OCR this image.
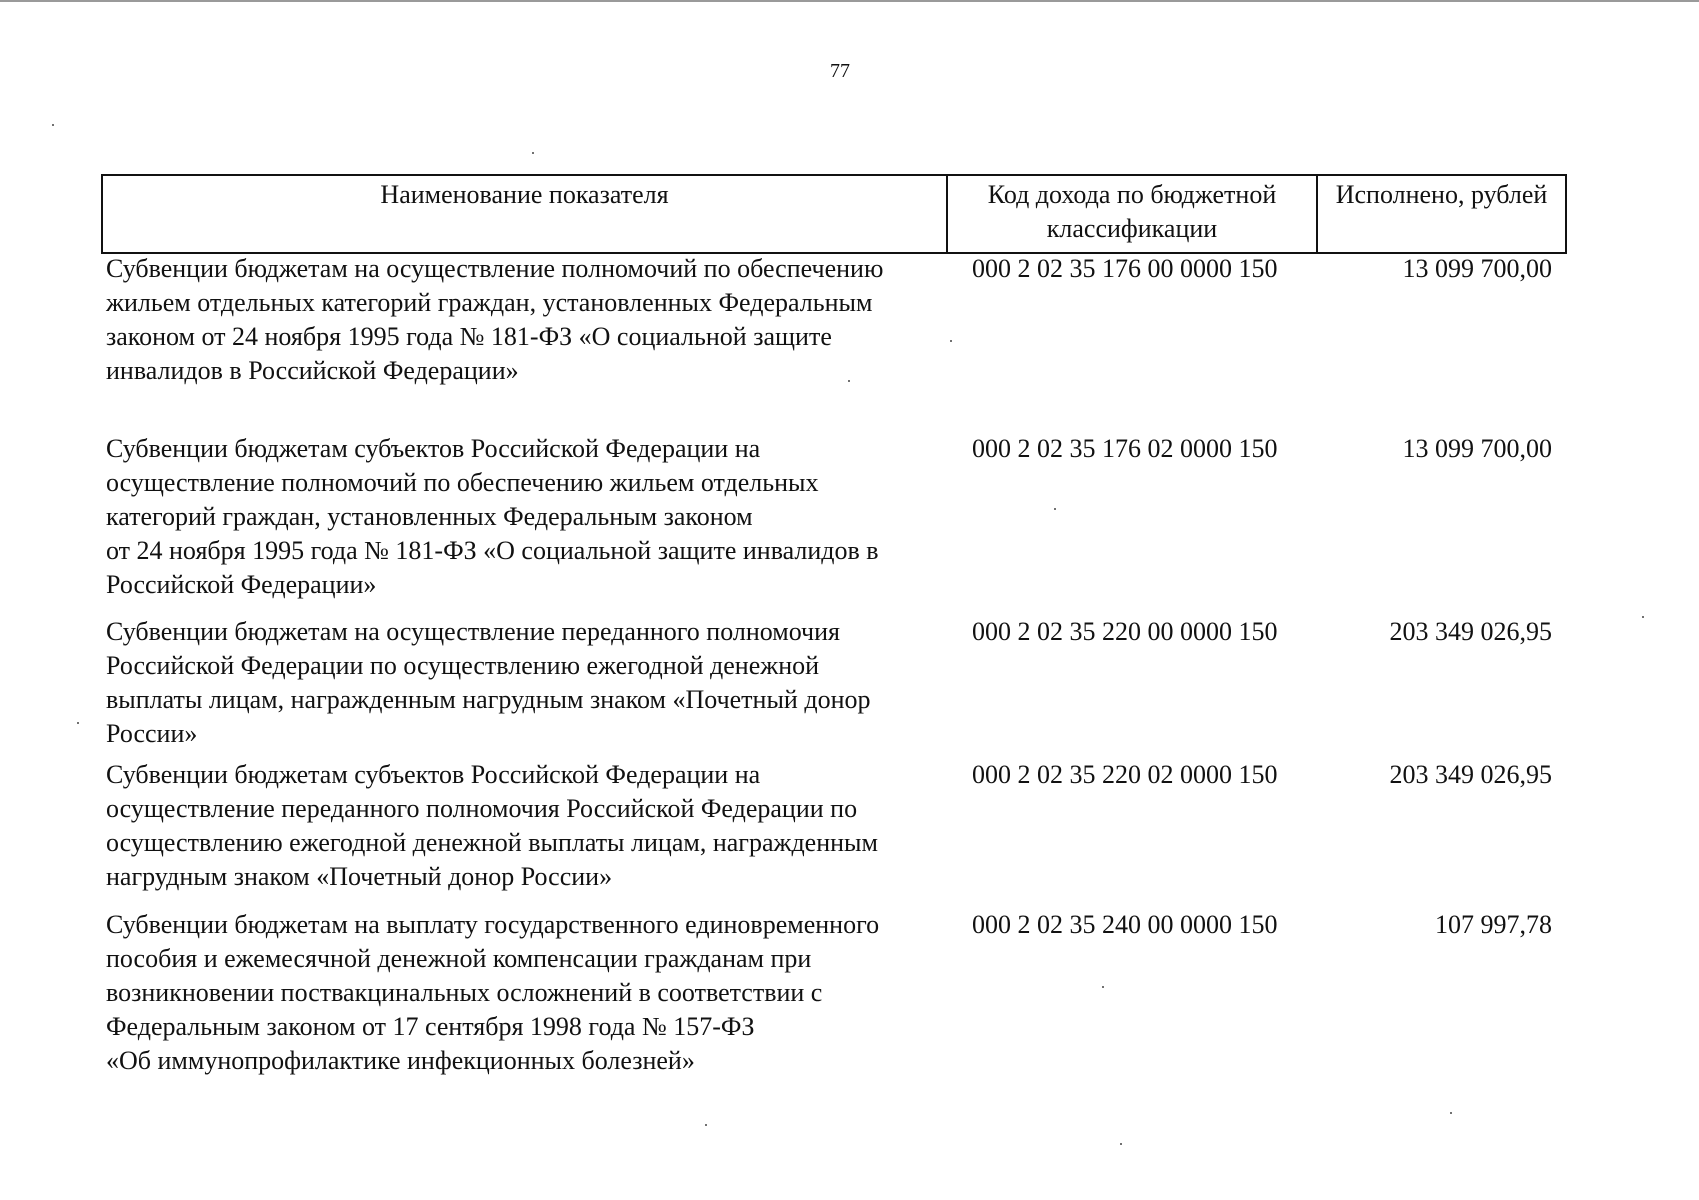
77
Наименование показателя	Код дохода по бюджетной классификации
Исполнено, рублей
Субвенции бюджетам на осуществление полномочий по обеспечению
жильем отдельных категорий граждан, установленных Федеральным
законом от 24 ноября 1995 года № 181-ФЗ «О социальной защите
инвалидов в Российской Федерации»
000 2 02 35 176 00 0000 150	13 099 700,00
Субвенции бюджетам субъектов Российской Федерации на
осуществление полномочий по обеспечению жильем отдельных
категорий граждан, установленных Федеральным законом
от 24 ноября 1995 года № 181-ФЗ «О социальной защите инвалидов в
Российской Федерации»
000 2 02 35 176 02 0000 150	13 099 700,00
Субвенции бюджетам на осуществление переданного полномочия
Российской Федерации по осуществлению ежегодной денежной
выплаты лицам, награжденным нагрудным знаком «Почетный донор
России»
000 2 02 35 220 00 0000 150	203 349 026,95
Субвенции бюджетам субъектов Российской Федерации на
осуществление переданного полномочия Российской Федерации по
осуществлению ежегодной денежной выплаты лицам, награжденным
нагрудным знаком «Почетный донор России»
000 2 02 35 220 02 0000 150	203 349 026,95
Субвенции бюджетам на выплату государственного единовременного
пособия и ежемесячной денежной компенсации гражданам при
возникновении поствакцинальных осложнений в соответствии с
Федеральным законом от 17 сентября 1998 года № 157-ФЗ
«Об иммунопрофилактике инфекционных болезней»
000 2 02 35 240 00 0000 150	107 997,78
